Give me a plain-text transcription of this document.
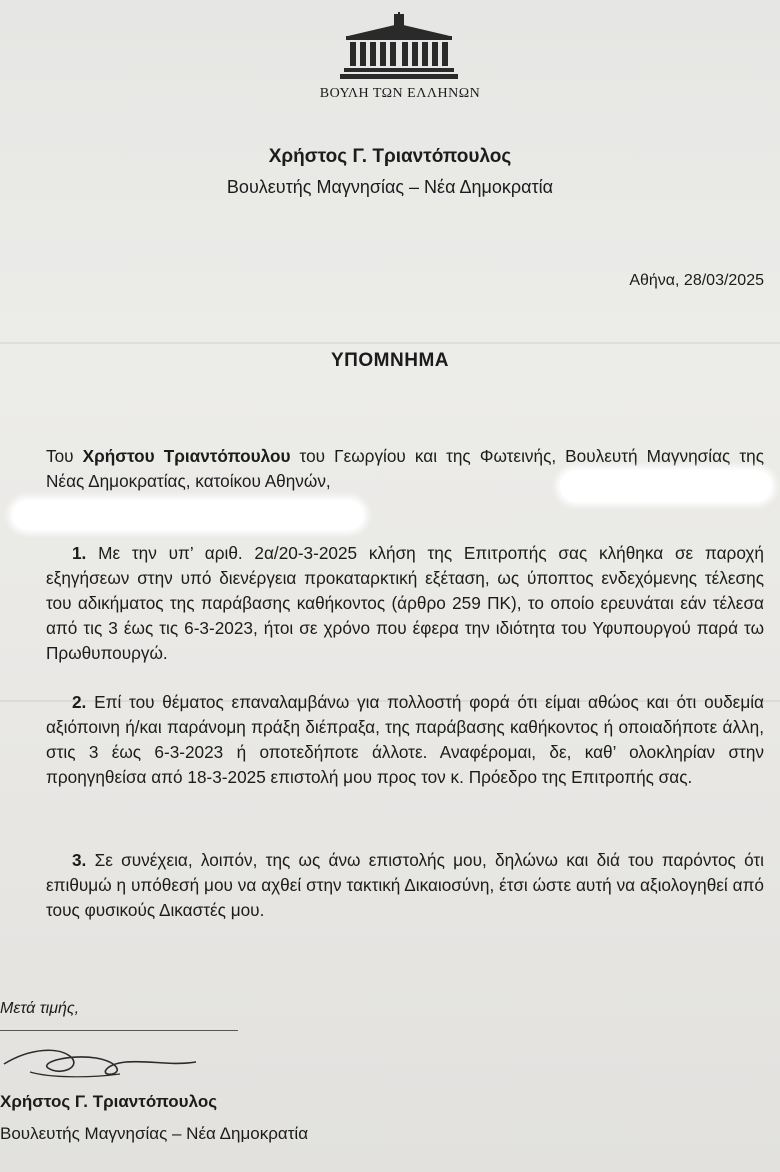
ΒΟΥΛΗ ΤΩΝ ΕΛΛΗΝΩΝ
Χρήστος Γ. Τριαντόπουλος
Βουλευτής Μαγνησίας – Νέα Δημοκρατία
Αθήνα, 28/03/2025
ΥΠΟΜΝΗΜΑ
Του Χρήστου Τριαντόπουλου του Γεωργίου και της Φωτεινής, Βουλευτή Μαγνησίας της Νέας Δημοκρατίας, κατοίκου Αθηνών,
1. Με την υπ’ αριθ. 2α/20-3-2025 κλήση της Επιτροπής σας κλήθηκα σε παροχή εξηγήσεων στην υπό διενέργεια προκαταρκτική εξέταση, ως ύποπτος ενδεχόμενης τέλεσης του αδικήματος της παράβασης καθήκοντος (άρθρο 259 ΠΚ), το οποίο ερευνάται εάν τέλεσα από τις 3 έως τις 6-3-2023, ήτοι σε χρόνο που έφερα την ιδιότητα του Υφυπουργού παρά τω Πρωθυπουργώ.
2. Επί του θέματος επαναλαμβάνω για πολλοστή φορά ότι είμαι αθώος και ότι ουδεμία αξιόποινη ή/και παράνομη πράξη διέπραξα, της παράβασης καθήκοντος ή οποιαδήποτε άλλη, στις 3 έως 6-3-2023 ή οποτεδήποτε άλλοτε. Αναφέρομαι, δε, καθ’ ολοκληρίαν στην προηγηθείσα από 18-3-2025 επιστολή μου προς τον κ. Πρόεδρο της Επιτροπής σας.
3. Σε συνέχεια, λοιπόν, της ως άνω επιστολής μου, δηλώνω και διά του παρόντος ότι επιθυμώ η υπόθεσή μου να αχθεί στην τακτική Δικαιοσύνη, έτσι ώστε αυτή να αξιολογηθεί από τους φυσικούς Δικαστές μου.
Μετά τιμής,
Χρήστος Γ. Τριαντόπουλος
Βουλευτής Μαγνησίας – Νέα Δημοκρατία
